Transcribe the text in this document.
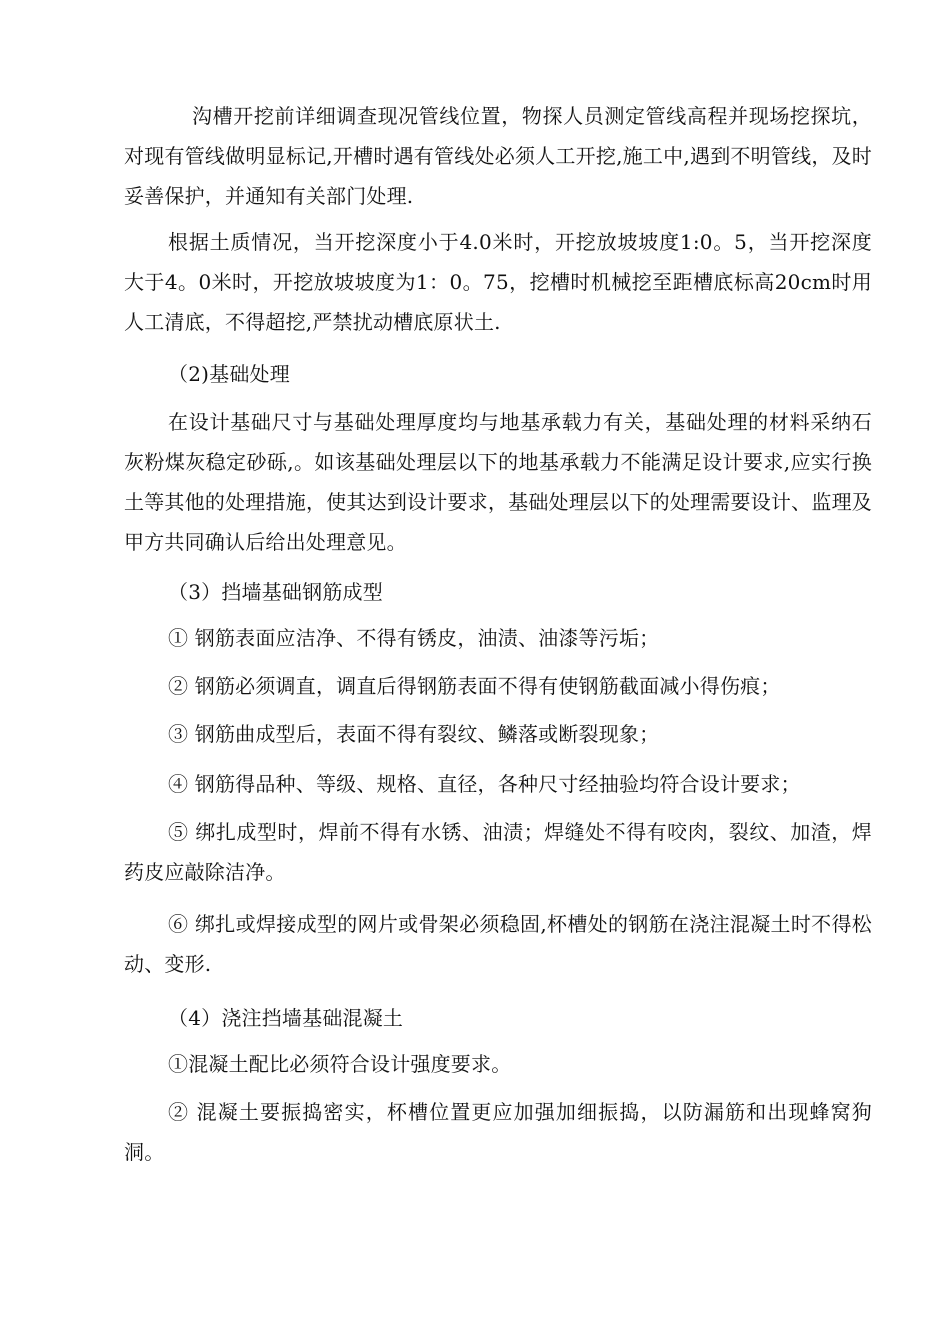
沟槽开挖前详细调查现况管线位置，物探人员测定管线高程并现场挖探坑，对现有管线做明显标记,开槽时遇有管线处必须人工开挖,施工中,遇到不明管线，及时妥善保护，并通知有关部门处理.

根据土质情况，当开挖深度小于4.0米时，开挖放坡坡度1:0。5，当开挖深度大于4。0米时，开挖放坡坡度为1：0。75，挖槽时机械挖至距槽底标高20cm时用人工清底，不得超挖,严禁扰动槽底原状土.

（2)基础处理

在设计基础尺寸与基础处理厚度均与地基承载力有关，基础处理的材料采纳石灰粉煤灰稳定砂砾,。如该基础处理层以下的地基承载力不能满足设计要求,应实行换土等其他的处理措施，使其达到设计要求，基础处理层以下的处理需要设计、监理及甲方共同确认后给出处理意见。

（3）挡墙基础钢筋成型

① 钢筋表面应洁净、不得有锈皮，油渍、油漆等污垢；

② 钢筋必须调直，调直后得钢筋表面不得有使钢筋截面减小得伤痕；

③ 钢筋曲成型后，表面不得有裂纹、鳞落或断裂现象；

④ 钢筋得品种、等级、规格、直径，各种尺寸经抽验均符合设计要求；

⑤ 绑扎成型时，焊前不得有水锈、油渍；焊缝处不得有咬肉，裂纹、加渣，焊药皮应敲除洁净。

⑥ 绑扎或焊接成型的网片或骨架必须稳固,杯槽处的钢筋在浇注混凝土时不得松动、变形.

（4）浇注挡墙基础混凝土

①混凝土配比必须符合设计强度要求。

② 混凝土要振捣密实，杯槽位置更应加强加细振捣，以防漏筋和出现蜂窝狗洞。
